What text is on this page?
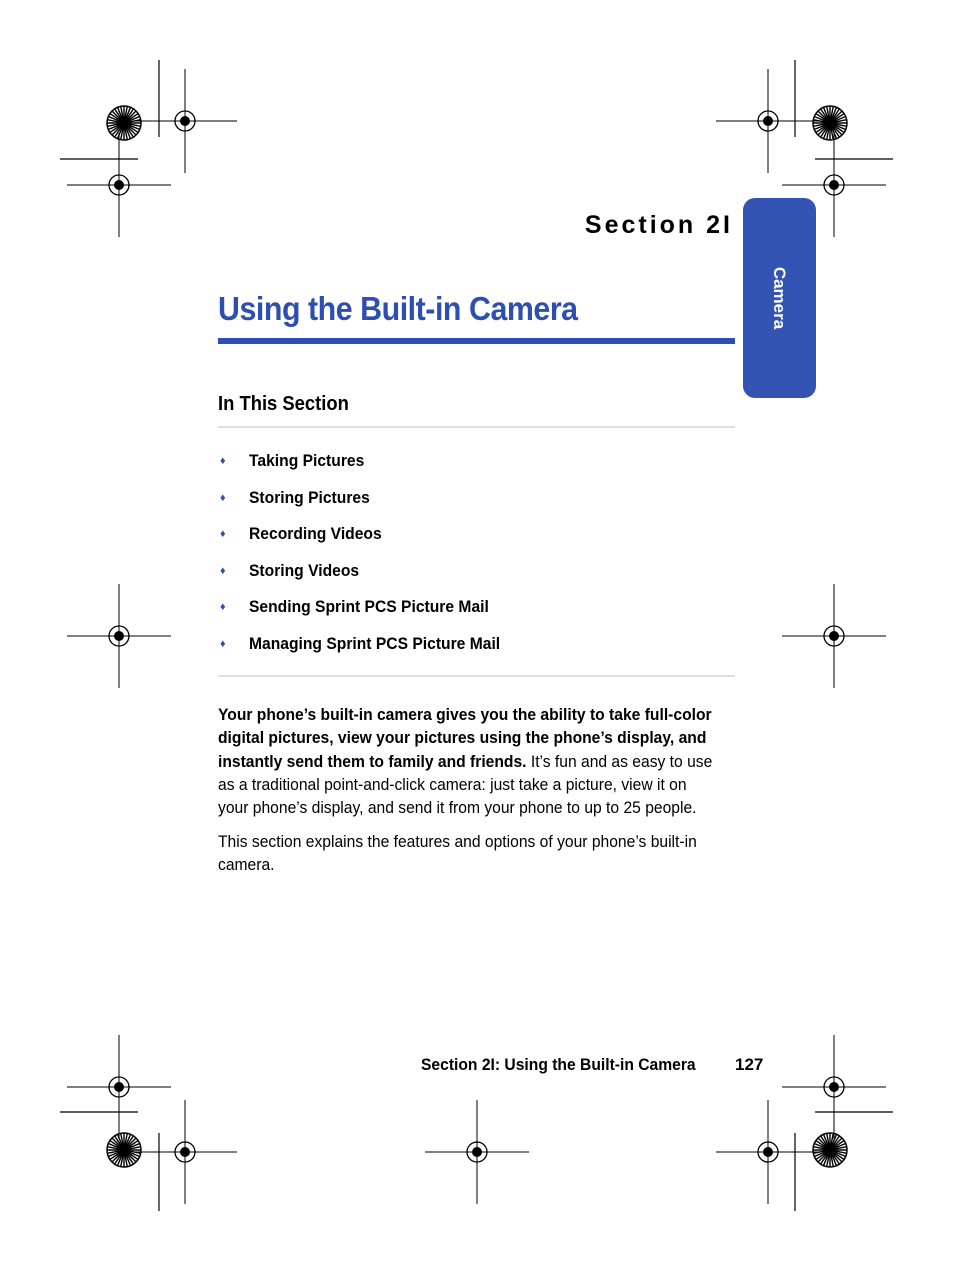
Camera
Section 2I
Using the Built-in Camera
In This Section
♦	Taking Pictures
♦	Storing Pictures
♦	Recording Videos
♦	Storing Videos
♦	Sending Sprint PCS Picture Mail
♦	Managing Sprint PCS Picture Mail

Your phone’s built-in camera gives you the ability to take full-color digital pictures, view your pictures using the phone’s display, and instantly send them to family and friends. It’s fun and as easy to use as a traditional point-and-click camera: just take a picture, view it on your phone’s display, and send it from your phone to up to 25 people.

This section explains the features and options of your phone’s built-in camera.

Section 2I: Using the Built-in Camera 127
